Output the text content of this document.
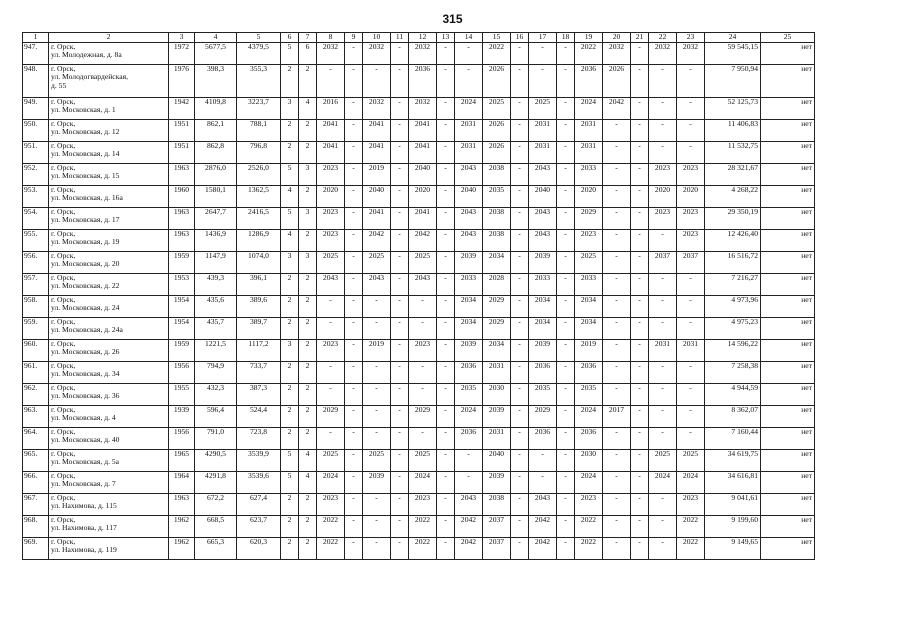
315
1	2	3	4	5	6	7	8	9	10	11	12	13	14	15	16	17	18	19	20	21	22	23	24	25
947.	г. Орск,
ул. Молодежная, д. 8а	1972	5677,5	4379,5	5	6	2032	-	2032	-	2032	-	-	2022	-	-	-	2022	2032	-	2032	2032	59 545,15	нет
948.	г. Орск,
ул. Молодогвардейская,
д. 55	1976	398,3	355,3	2	2	-	-	-	-	2036	-	-	2026	-	-	-	2036	2026	-	-	-	7 950,94	нет
949.	г. Орск,
ул. Московская, д. 1	1942	4109,8	3223,7	3	4	2016	-	2032	-	2032	-	2024	2025	-	2025	-	2024	2042	-	-	-	52 125,73	нет
950.	г. Орск,
ул. Московская, д. 12	1951	862,1	788,1	2	2	2041	-	2041	-	2041	-	2031	2026	-	2031	-	2031	-	-	-	-	11 406,83	нет
951.	г. Орск,
ул. Московская, д. 14	1951	862,8	796,8	2	2	2041	-	2041	-	2041	-	2031	2026	-	2031	-	2031	-	-	-	-	11 532,75	нет
952.	г. Орск,
ул. Московская, д. 15	1963	2876,0	2526,0	5	3	2023	-	2019	-	2040	-	2043	2038	-	2043	-	2033	-	-	2023	2023	28 321,67	нет
953.	г. Орск,
ул. Московская, д. 16а	1960	1580,1	1362,5	4	2	2020	-	2040	-	2020	-	2040	2035	-	2040	-	2020	-	-	2020	2020	4 268,22	нет
954.	г. Орск,
ул. Московская, д. 17	1963	2647,7	2416,5	5	3	2023	-	2041	-	2041	-	2043	2038	-	2043	-	2029	-	-	2023	2023	29 350,19	нет
955.	г. Орск,
ул. Московская, д. 19	1963	1436,9	1286,9	4	2	2023	-	2042	-	2042	-	2043	2038	-	2043	-	2023	-	-	-	2023	12 426,40	нет
956.	г. Орск,
ул. Московская, д. 20	1959	1147,9	1074,0	3	3	2025	-	2025	-	2025	-	2039	2034	-	2039	-	2025	-	-	2037	2037	16 516,72	нет
957.	г. Орск,
ул. Московская, д. 22	1953	439,3	396,1	2	2	2043	-	2043	-	2043	-	2033	2028	-	2033	-	2033	-	-	-	-	7 216,27	нет
958.	г. Орск,
ул. Московская, д. 24	1954	435,6	389,6	2	2	-	-	-	-	-	-	2034	2029	-	2034	-	2034	-	-	-	-	4 973,96	нет
959.	г. Орск,
ул. Московская, д. 24а	1954	435,7	389,7	2	2	-	-	-	-	-	-	2034	2029	-	2034	-	2034	-	-	-	-	4 975,23	нет
960.	г. Орск,
ул. Московская, д. 26	1959	1221,5	1117,2	3	2	2023	-	2019	-	2023	-	2039	2034	-	2039	-	2019	-	-	2031	2031	14 596,22	нет
961.	г. Орск,
ул. Московская, д. 34	1956	794,9	733,7	2	2	-	-	-	-	-	-	2036	2031	-	2036	-	2036	-	-	-	-	7 258,38	нет
962.	г. Орск,
ул. Московская, д. 36	1955	432,3	387,3	2	2	-	-	-	-	-	-	2035	2030	-	2035	-	2035	-	-	-	-	4 944,59	нет
963.	г. Орск,
ул. Московская, д. 4	1939	596,4	524,4	2	2	2029	-	-	-	2029	-	2024	2039	-	2029	-	2024	2017	-	-	-	8 362,07	нет
964.	г. Орск,
ул. Московская, д. 40	1956	791,0	723,8	2	2	-	-	-	-	-	-	2036	2031	-	2036	-	2036	-	-	-	-	7 160,44	нет
965.	г. Орск,
ул. Московская, д. 5а	1965	4290,5	3539,9	5	4	2025	-	2025	-	2025	-	-	2040	-	-	-	2030	-	-	2025	2025	34 619,75	нет
966.	г. Орск,
ул. Московская, д. 7	1964	4291,8	3539,6	5	4	2024	-	2039	-	2024	-	-	2039	-	-	-	2024	-	-	2024	2024	34 616,81	нет
967.	г. Орск,
ул. Нахимова, д. 115	1963	672,2	627,4	2	2	2023	-	-	-	2023	-	2043	2038	-	2043	-	2023	-	-	-	2023	9 041,61	нет
968.	г. Орск,
ул. Нахимова, д. 117	1962	668,5	623,7	2	2	2022	-	-	-	2022	-	2042	2037	-	2042	-	2022	-	-	-	2022	9 199,60	нет
969.	г. Орск,
ул. Нахимова, д. 119	1962	665,3	620,3	2	2	2022	-	-	-	2022	-	2042	2037	-	2042	-	2022	-	-	-	2022	9 149,65	нет
